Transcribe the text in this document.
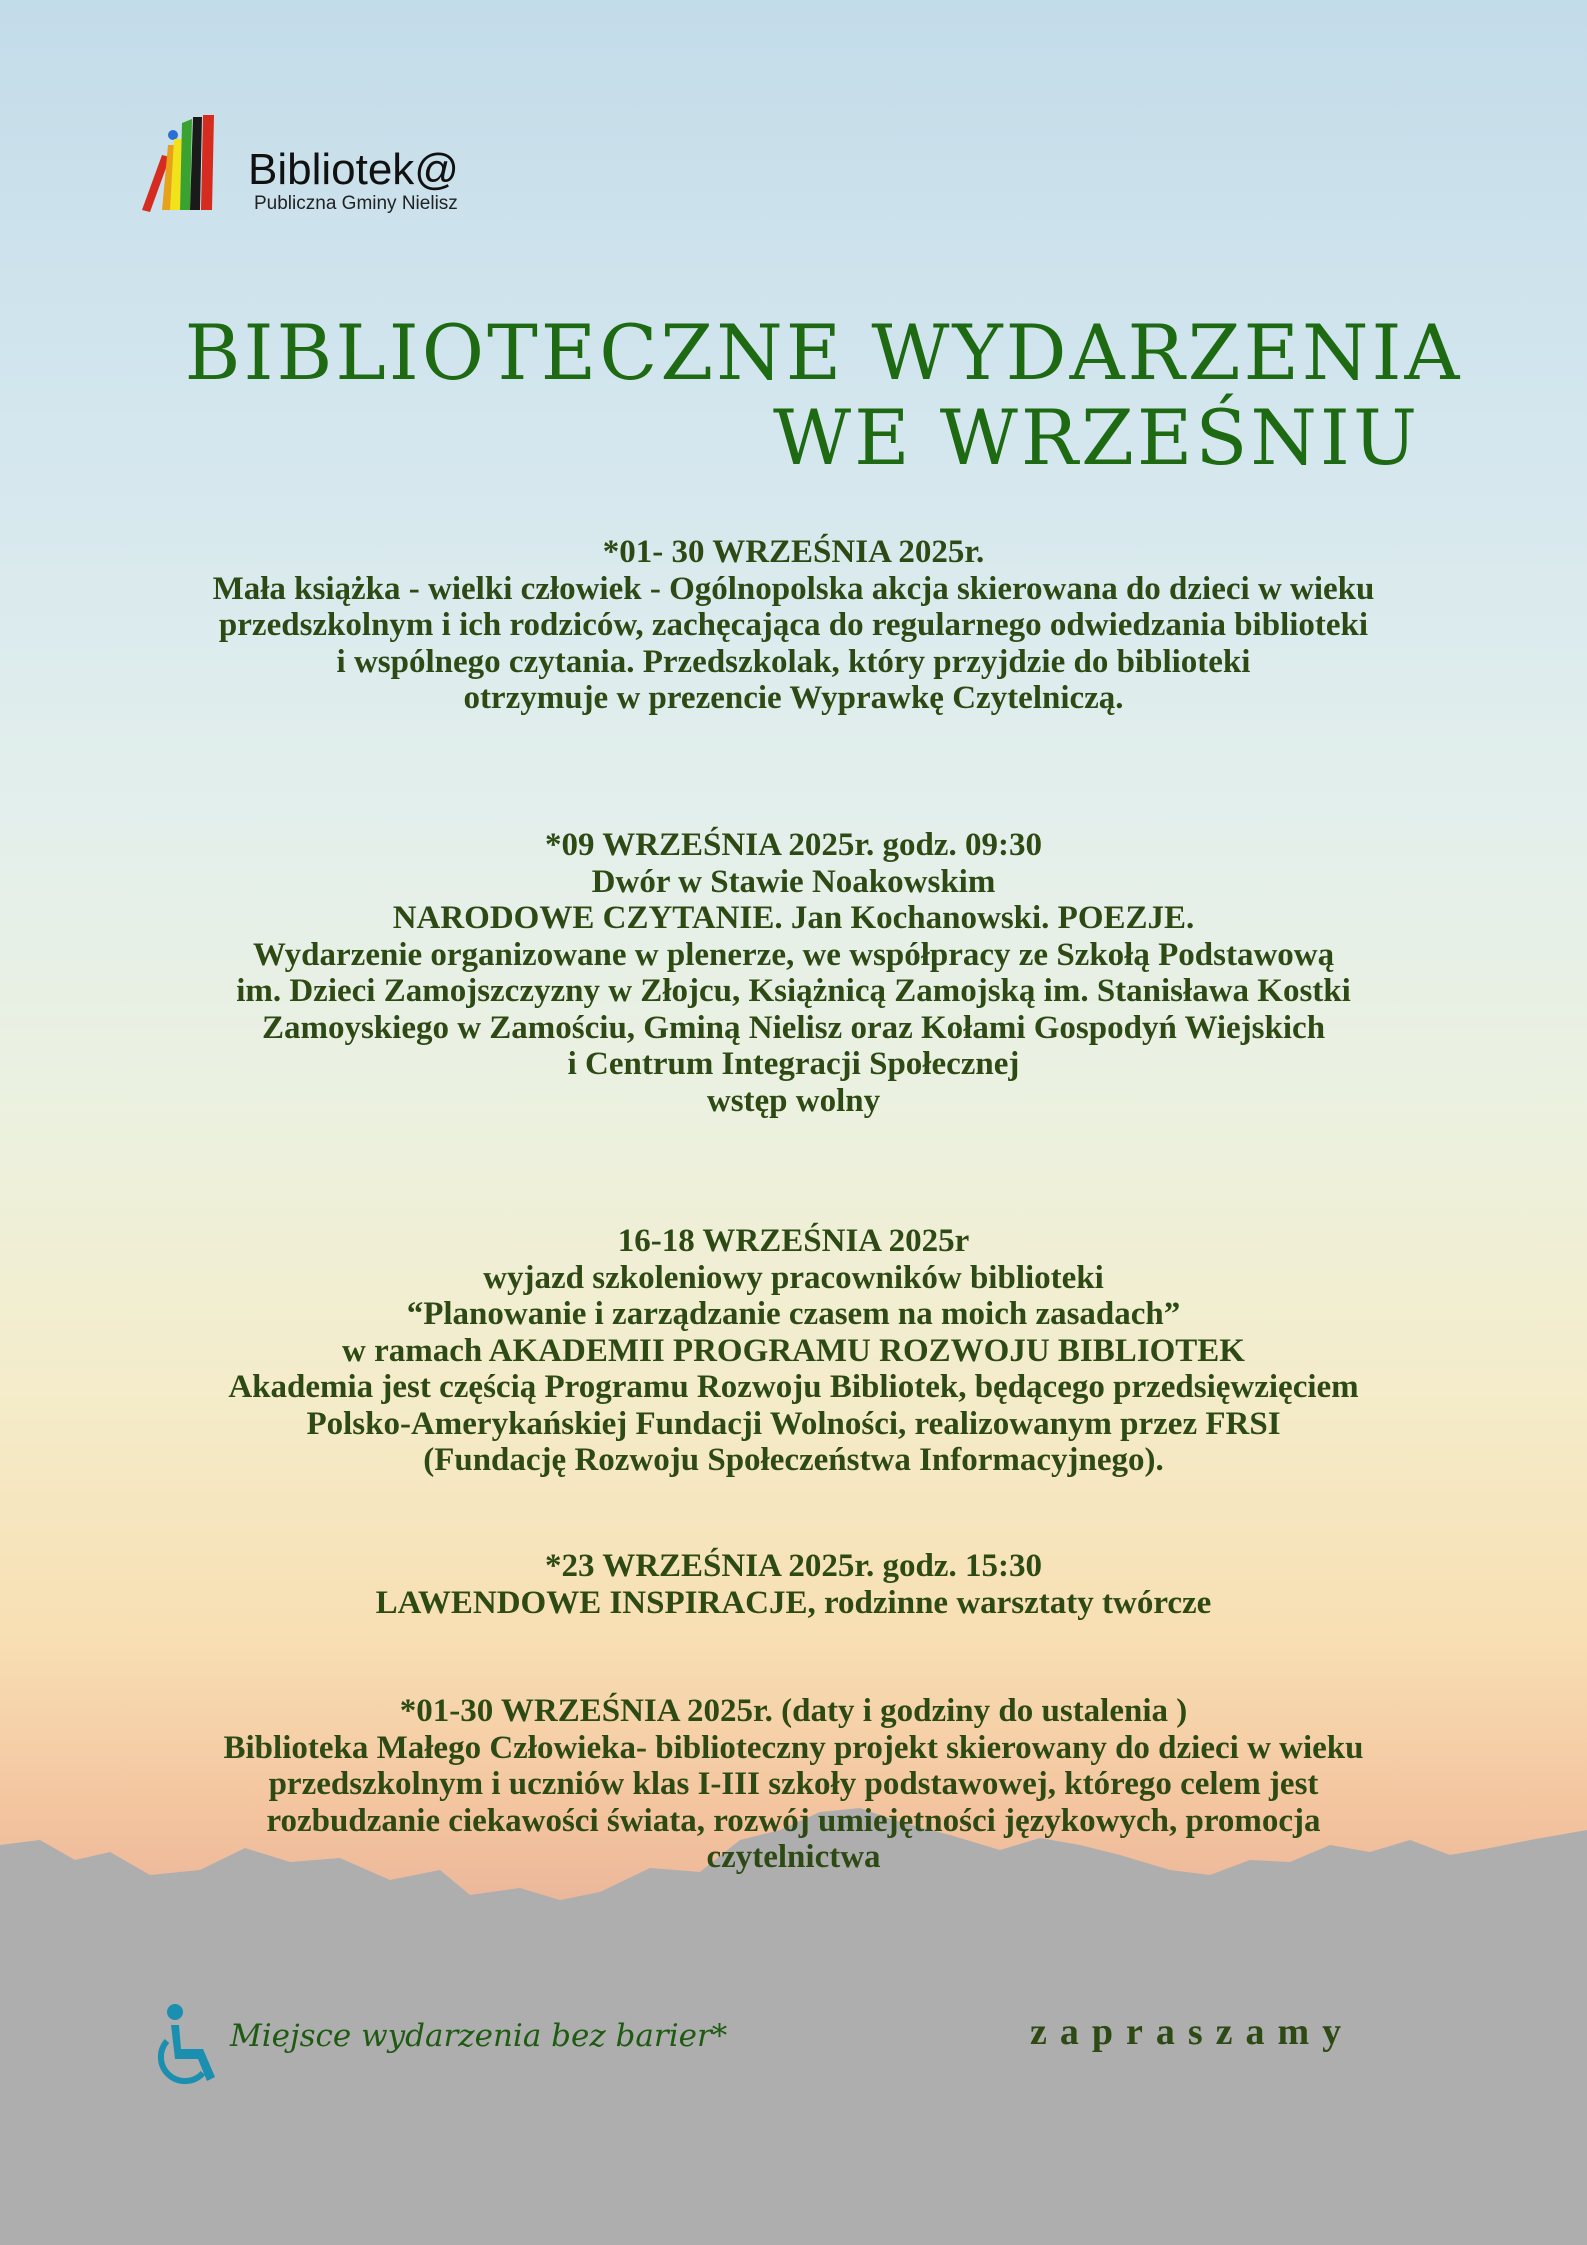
Bibliotek@
Publiczna Gminy Nielisz
BIBLIOTECZNE WYDARZENIA
WE WRZEŚNIU
*01- 30 WRZEŚNIA 2025r.
Mała książka - wielki człowiek - Ogólnopolska akcja skierowana do dzieci w wieku
przedszkolnym i ich rodziców, zachęcająca do regularnego odwiedzania biblioteki
i wspólnego czytania. Przedszkolak, który przyjdzie do biblioteki
otrzymuje w prezencie Wyprawkę Czytelniczą.
*09 WRZEŚNIA 2025r. godz. 09:30
Dwór w Stawie Noakowskim
NARODOWE CZYTANIE. Jan Kochanowski. POEZJE.
Wydarzenie organizowane w plenerze, we współpracy ze Szkołą Podstawową
im. Dzieci Zamojszczyzny w Złojcu, Książnicą Zamojską im. Stanisława Kostki
Zamoyskiego w Zamościu, Gminą Nielisz oraz Kołami Gospodyń Wiejskich
i Centrum Integracji Społecznej
wstęp wolny
16-18 WRZEŚNIA 2025r
wyjazd szkoleniowy pracowników biblioteki
“Planowanie i zarządzanie czasem na moich zasadach”
w ramach AKADEMII PROGRAMU ROZWOJU BIBLIOTEK
Akademia jest częścią Programu Rozwoju Bibliotek, będącego przedsięwzięciem
Polsko-Amerykańskiej Fundacji Wolności, realizowanym przez FRSI
(Fundację Rozwoju Społeczeństwa Informacyjnego).
*23 WRZEŚNIA 2025r. godz. 15:30
LAWENDOWE INSPIRACJE, rodzinne warsztaty twórcze
*01-30 WRZEŚNIA 2025r. (daty i godziny do ustalenia )
Biblioteka Małego Człowieka- biblioteczny projekt skierowany do dzieci w wieku
przedszkolnym i uczniów klas I-III szkoły podstawowej, którego celem jest
rozbudzanie ciekawości świata, rozwój umiejętności językowych, promocja
czytelnictwa
Miejsce wydarzenia bez barier*	zapraszamy
